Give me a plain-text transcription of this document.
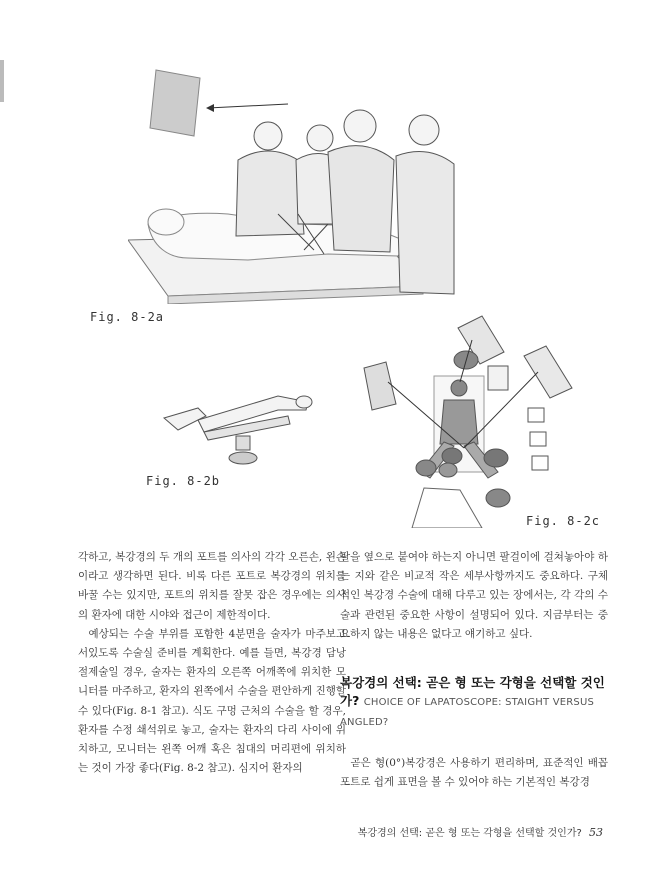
Fig. 8-2a
Fig. 8-2b
Fig. 8-2c

각하고, 복강경의 두 개의 포트를 의사의 각각 오른손, 왼손이라고 생각하면 된다. 비록 다른 포트로 복강경의 위치를 바꿀 수는 있지만, 포트의 위치를 잘못 잡은 경우에는 의사의 환자에 대한 시야와 접근이 제한적이다.

예상되는 수술 부위를 포함한 4분면을 술자가 마주보고 서있도록 수술실 준비를 계획한다. 예를 들면, 복강경 담낭절제술일 경우, 술자는 환자의 오른쪽 어깨쪽에 위치한 모니터를 마주하고, 환자의 왼쪽에서 수술을 편안하게 진행할 수 있다(Fig. 8-1 참고). 식도 구멍 근처의 수술을 할 경우, 환자를 수정 쇄석위로 놓고, 술자는 환자의 다리 사이에 위치하고, 모니터는 왼쪽 어깨 혹은 침대의 머리편에 위치하는 것이 가장 좋다(Fig. 8-2 참고). 심지어 환자의

팔을 옆으로 붙여야 하는지 아니면 팔걸이에 걸쳐놓아야 하는 지와 같은 비교적 작은 세부사항까지도 중요하다. 구체적인 복강경 수술에 대해 다루고 있는 장에서는, 각 각의 수술과 관련된 중요한 사항이 설명되어 있다. 지금부터는 중요하지 않는 내용은 없다고 얘기하고 싶다.

복강경의 선택: 곧은 형 또는 각형을 선택할 것인가? CHOICE OF LAPATOSCOPE: STAIGHT VERSUS ANGLED?

곧은 형(0°)복강경은 사용하기 편리하며, 표준적인 배꼽 포트로 쉽게 표면을 볼 수 있어야 하는 기본적인 복강경

복강경의 선택: 곧은 형 또는 각형을 선택할 것인가? 53
